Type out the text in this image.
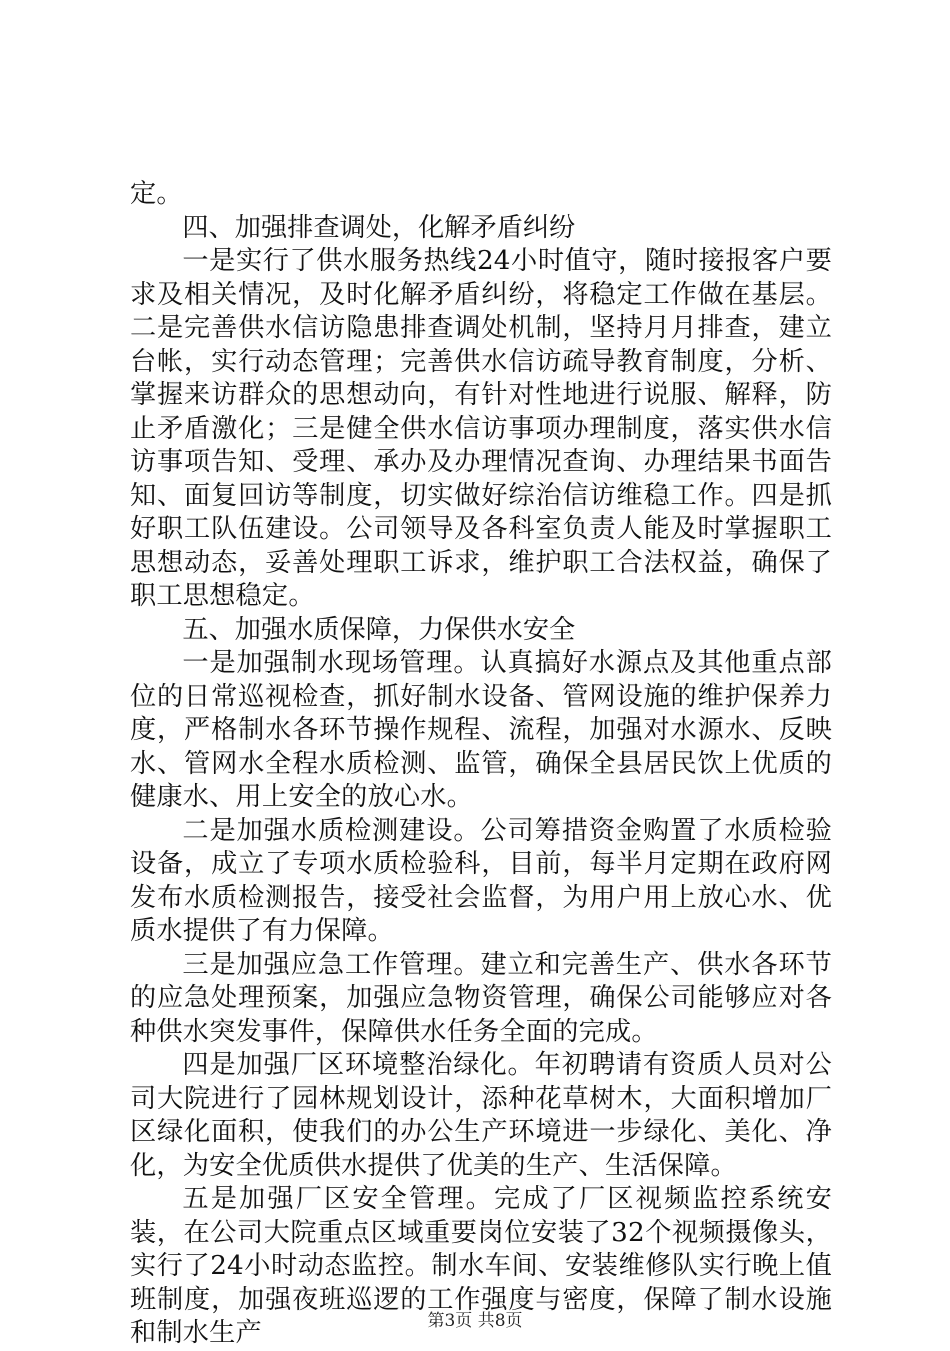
定。

四、加强排查调处，化解矛盾纠纷

一是实行了供水服务热线24小时值守，随时接报客户要求及相关情况，及时化解矛盾纠纷，将稳定工作做在基层。二是完善供水信访隐患排查调处机制，坚持月月排查，建立台帐，实行动态管理；完善供水信访疏导教育制度，分析、掌握来访群众的思想动向，有针对性地进行说服、解释，防止矛盾激化；三是健全供水信访事项办理制度，落实供水信访事项告知、受理、承办及办理情况查询、办理结果书面告知、面复回访等制度，切实做好综治信访维稳工作。四是抓好职工队伍建设。公司领导及各科室负责人能及时掌握职工思想动态，妥善处理职工诉求，维护职工合法权益，确保了职工思想稳定。

五、加强水质保障，力保供水安全

一是加强制水现场管理。认真搞好水源点及其他重点部位的日常巡视检查，抓好制水设备、管网设施的维护保养力度，严格制水各环节操作规程、流程，加强对水源水、反映水、管网水全程水质检测、监管，确保全县居民饮上优质的健康水、用上安全的放心水。

二是加强水质检测建设。公司筹措资金购置了水质检验设备，成立了专项水质检验科，目前，每半月定期在政府网发布水质检测报告，接受社会监督，为用户用上放心水、优质水提供了有力保障。

三是加强应急工作管理。建立和完善生产、供水各环节的应急处理预案，加强应急物资管理，确保公司能够应对各种供水突发事件，保障供水任务全面的完成。

四是加强厂区环境整治绿化。年初聘请有资质人员对公司大院进行了园林规划设计，添种花草树木，大面积增加厂区绿化面积，使我们的办公生产环境进一步绿化、美化、净化，为安全优质供水提供了优美的生产、生活保障。

五是加强厂区安全管理。完成了厂区视频监控系统安装，在公司大院重点区域重要岗位安装了32个视频摄像头，实行了24小时动态监控。制水车间、安装维修队实行晚上值班制度，加强夜班巡逻的工作强度与密度，保障了制水设施和制水生产	第3页 共8页
